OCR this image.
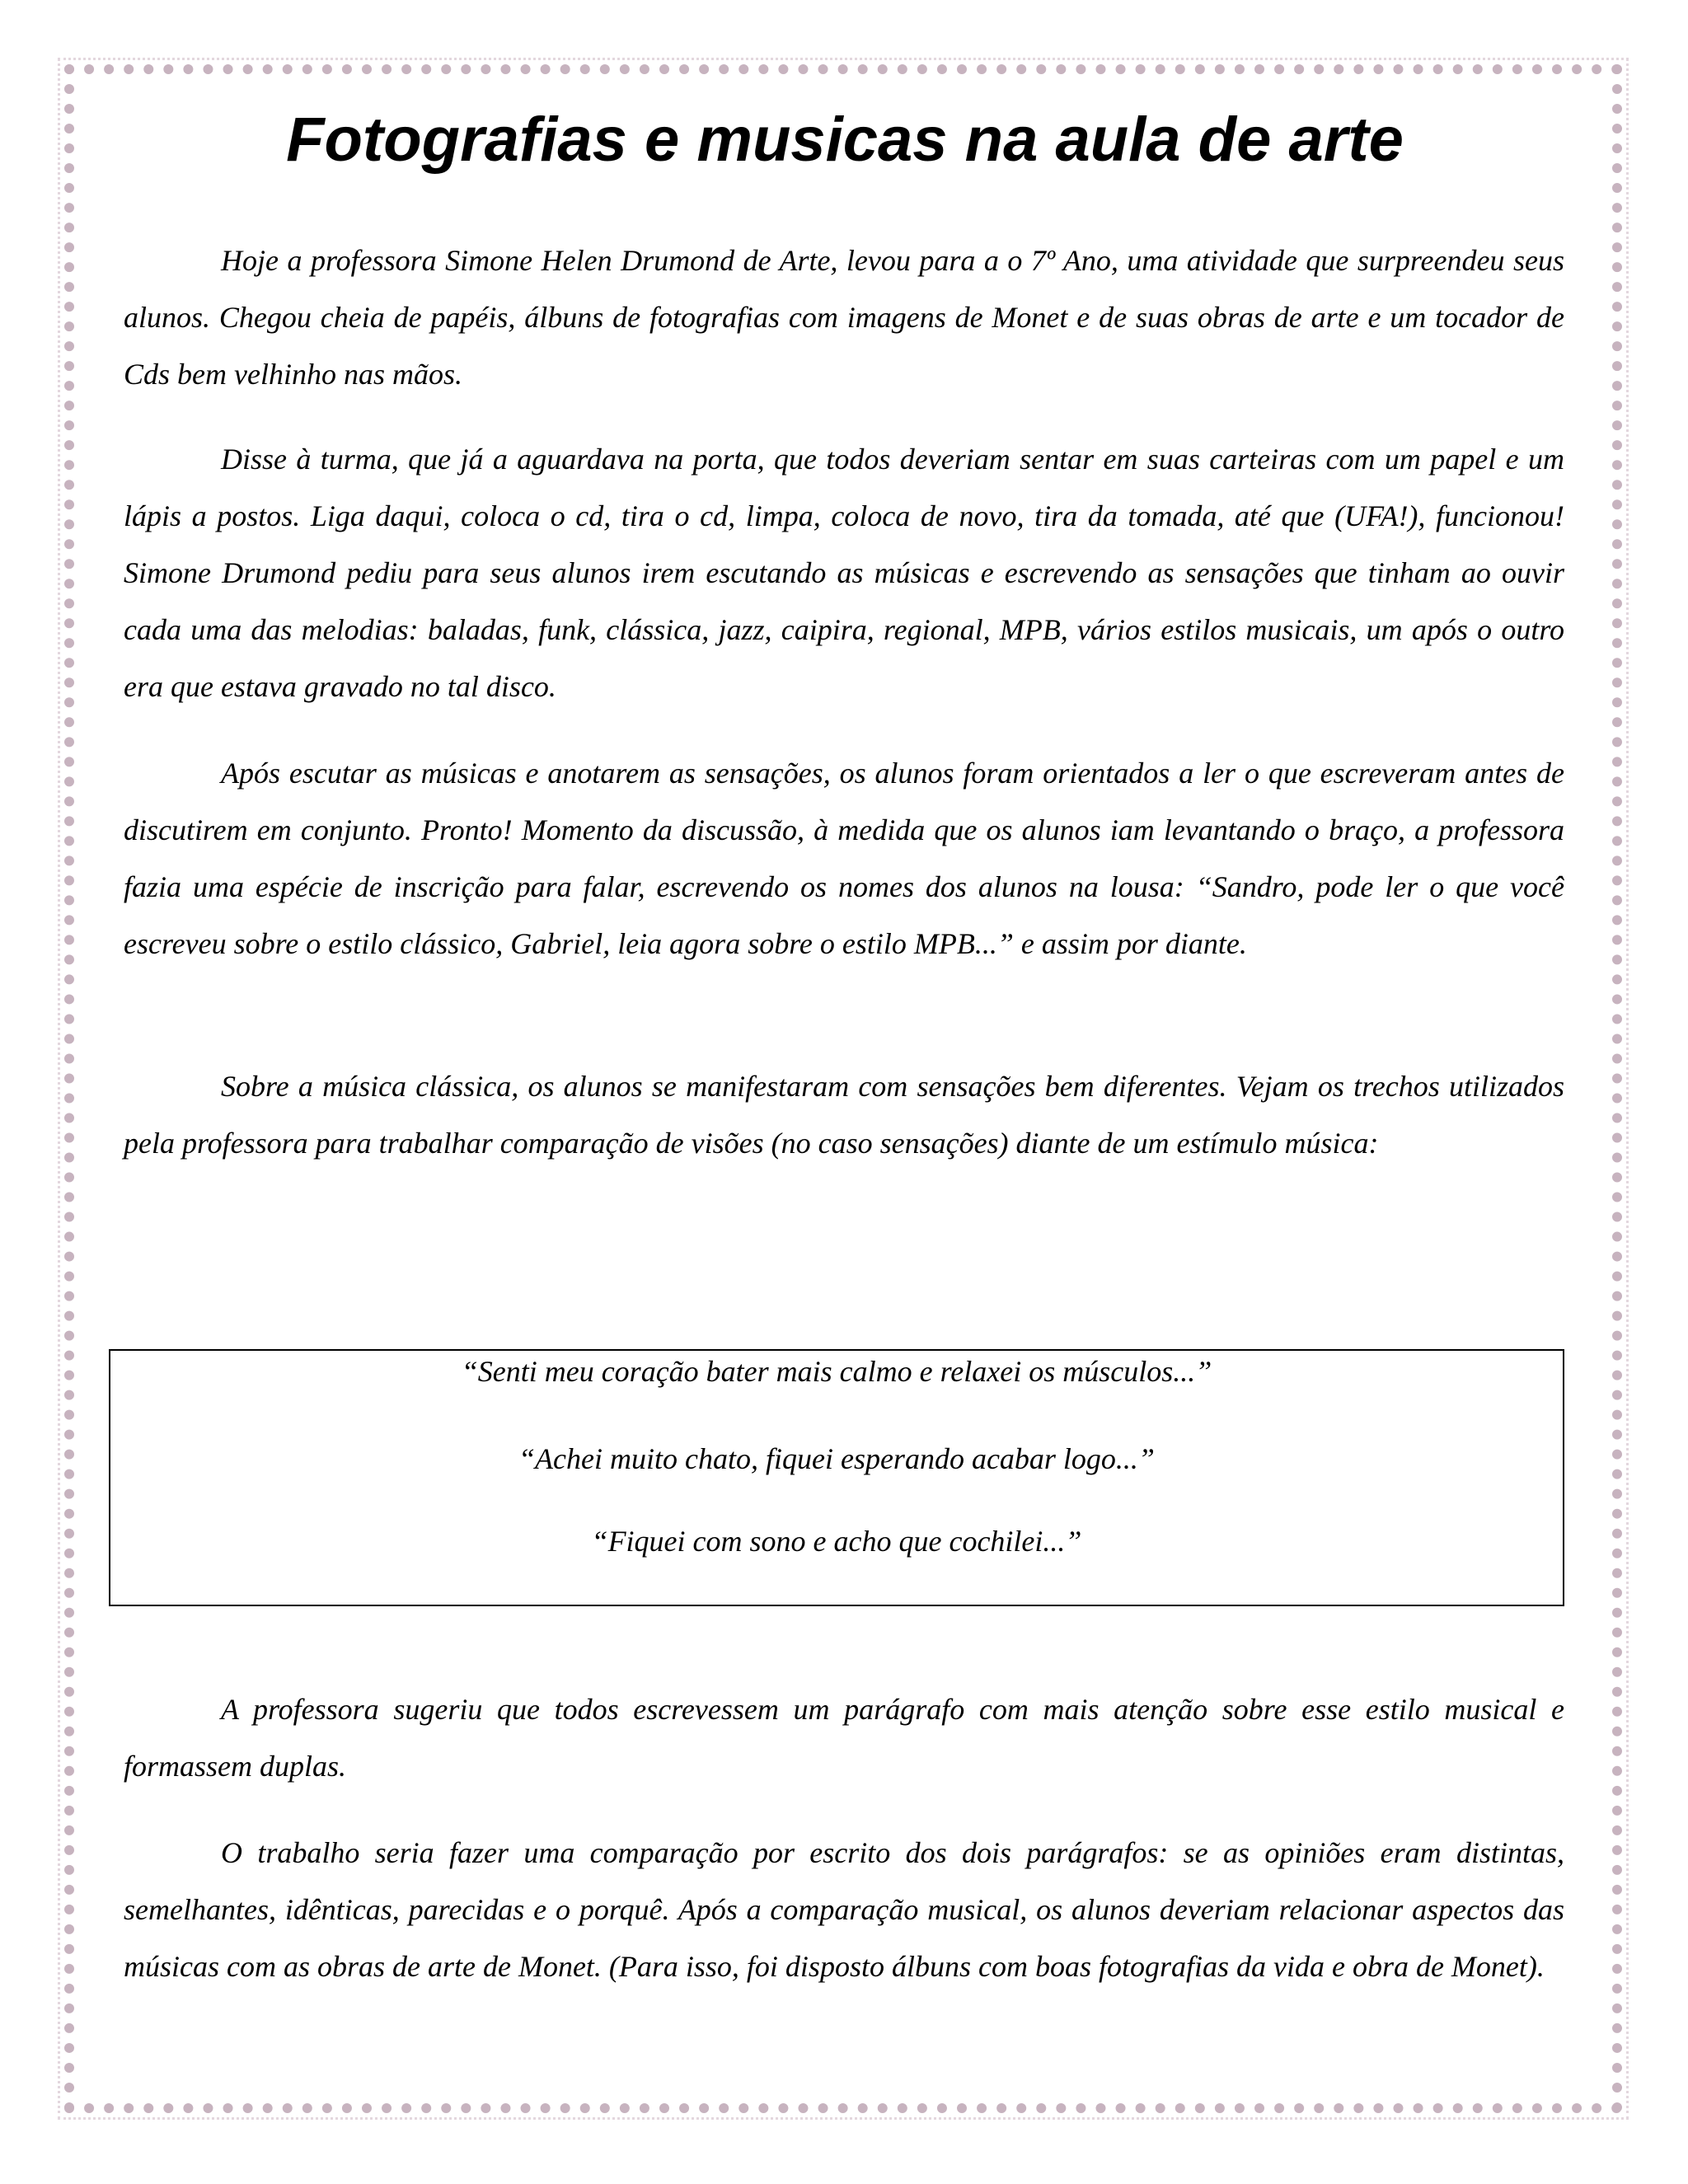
Fotografias e musicas na aula de arte

Hoje a professora Simone Helen Drumond de Arte, levou para a o 7º Ano, uma atividade que surpreendeu seus alunos. Chegou cheia de papéis, álbuns de fotografias com imagens de Monet e de suas obras de arte e um tocador de Cds bem velhinho nas mãos.

Disse à turma, que já a aguardava na porta, que todos deveriam sentar em suas carteiras com um papel e um lápis a postos. Liga daqui, coloca o cd, tira o cd, limpa, coloca de novo, tira da tomada, até que (UFA!), funcionou! Simone Drumond pediu para seus alunos irem escutando as músicas e escrevendo as sensações que tinham ao ouvir cada uma das melodias: baladas, funk, clássica, jazz, caipira, regional, MPB, vários estilos musicais, um após o outro era que estava gravado no tal disco.

Após escutar as músicas e anotarem as sensações, os alunos foram orientados a ler o que escreveram antes de discutirem em conjunto. Pronto! Momento da discussão, à medida que os alunos iam levantando o braço, a professora fazia uma espécie de inscrição para falar, escrevendo os nomes dos alunos na lousa: “Sandro, pode ler o que você escreveu sobre o estilo clássico, Gabriel, leia agora sobre o estilo MPB...” e assim por diante.

Sobre a música clássica, os alunos se manifestaram com sensações bem diferentes. Vejam os trechos utilizados pela professora para trabalhar comparação de visões (no caso sensações) diante de um estímulo música:

“Senti meu coração bater mais calmo e relaxei os músculos...”

“Achei muito chato, fiquei esperando acabar logo...”

“Fiquei com sono e acho que cochilei...”

A professora sugeriu que todos escrevessem um parágrafo com mais atenção sobre esse estilo musical e formassem duplas.

O trabalho seria fazer uma comparação por escrito dos dois parágrafos: se as opiniões eram distintas, semelhantes, idênticas, parecidas e o porquê. Após a comparação musical, os alunos deveriam relacionar aspectos das músicas com as obras de arte de Monet. (Para isso, foi disposto álbuns com boas fotografias da vida e obra de Monet).
